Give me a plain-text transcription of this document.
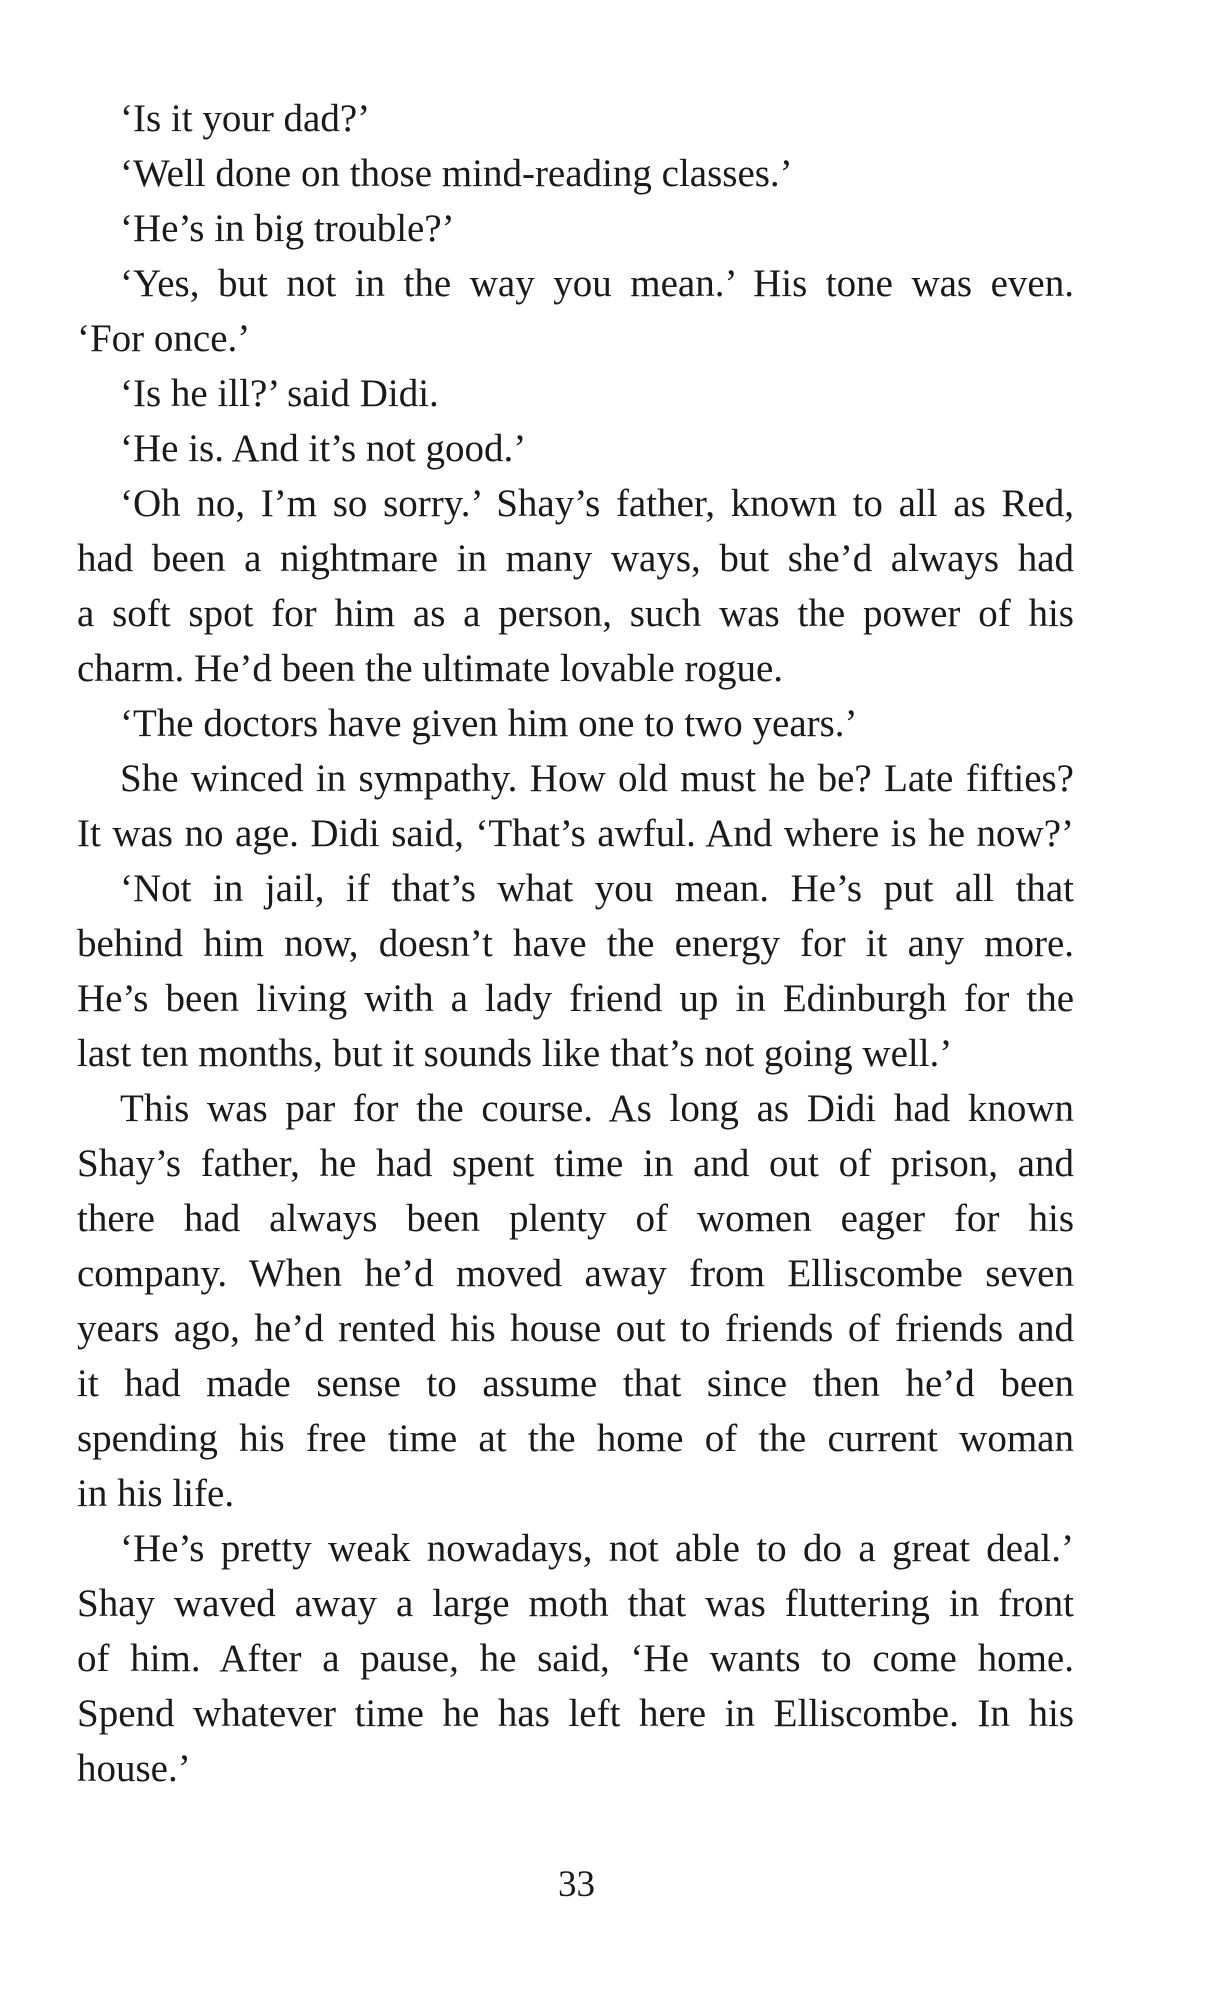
‘Is it your dad?’
‘Well done on those mind-reading classes.’
‘He’s in big trouble?’
‘Yes, but not in the way you mean.’ His tone was even.
‘For once.’
‘Is he ill?’ said Didi.
‘He is. And it’s not good.’
‘Oh no, I’m so sorry.’ Shay’s father, known to all as Red,
had been a nightmare in many ways, but she’d always had
a soft spot for him as a person, such was the power of his
charm. He’d been the ultimate lovable rogue.
‘The doctors have given him one to two years.’
She winced in sympathy. How old must he be? Late fifties?
It was no age. Didi said, ‘That’s awful. And where is he now?’
‘Not in jail, if that’s what you mean. He’s put all that
behind him now, doesn’t have the energy for it any more.
He’s been living with a lady friend up in Edinburgh for the
last ten months, but it sounds like that’s not going well.’
This was par for the course. As long as Didi had known
Shay’s father, he had spent time in and out of prison, and
there had always been plenty of women eager for his
company. When he’d moved away from Elliscombe seven
years ago, he’d rented his house out to friends of friends and
it had made sense to assume that since then he’d been
spending his free time at the home of the current woman
in his life.
‘He’s pretty weak nowadays, not able to do a great deal.’
Shay waved away a large moth that was fluttering in front
of him. After a pause, he said, ‘He wants to come home.
Spend whatever time he has left here in Elliscombe. In his
house.’
33
